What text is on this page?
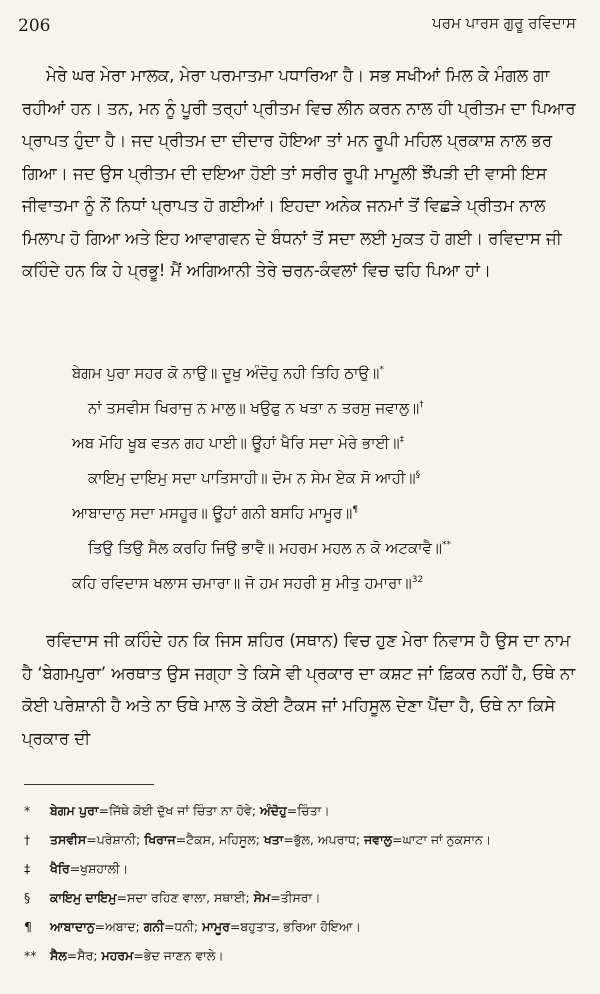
206	ਪਰਮ ਪਾਰਸ ਗੁਰੂ ਰਵਿਦਾਸ

ਮੇਰੇ ਘਰ ਮੇਰਾ ਮਾਲਕ, ਮੇਰਾ ਪਰਮਾਤਮਾ ਪਧਾਰਿਆ ਹੈ। ਸਭ ਸਖੀਆਂ ਮਿਲ ਕੇ ਮੰਗਲ ਗਾ ਰਹੀਆਂ ਹਨ। ਤਨ, ਮਨ ਨੂੰ ਪੂਰੀ ਤਰ੍ਹਾਂ ਪ੍ਰੀਤਮ ਵਿਚ ਲੀਨ ਕਰਨ ਨਾਲ ਹੀ ਪ੍ਰੀਤਮ ਦਾ ਪਿਆਰ ਪ੍ਰਾਪਤ ਹੁੰਦਾ ਹੈ। ਜਦ ਪ੍ਰੀਤਮ ਦਾ ਦੀਦਾਰ ਹੋਇਆ ਤਾਂ ਮਨ ਰੂਪੀ ਮਹਿਲ ਪ੍ਰਕਾਸ਼ ਨਾਲ ਭਰ ਗਿਆ। ਜਦ ਉਸ ਪ੍ਰੀਤਮ ਦੀ ਦਇਆ ਹੋਈ ਤਾਂ ਸਰੀਰ ਰੂਪੀ ਮਾਮੂਲੀ ਝੌਂਪੜੀ ਦੀ ਵਾਸੀ ਇਸ ਜੀਵਾਤਮਾ ਨੂੰ ਨੌਂ ਨਿਧਾਂ ਪ੍ਰਾਪਤ ਹੋ ਗਈਆਂ। ਇਹਦਾ ਅਨੇਕ ਜਨਮਾਂ ਤੋਂ ਵਿਛੜੇ ਪ੍ਰੀਤਮ ਨਾਲ ਮਿਲਾਪ ਹੋ ਗਿਆ ਅਤੇ ਇਹ ਆਵਾਗਵਨ ਦੇ ਬੰਧਨਾਂ ਤੋਂ ਸਦਾ ਲਈ ਮੁਕਤ ਹੋ ਗਈ। ਰਵਿਦਾਸ ਜੀ ਕਹਿੰਦੇ ਹਨ ਕਿ ਹੇ ਪ੍ਰਭੂ! ਮੈਂ ਅਗਿਆਨੀ ਤੇਰੇ ਚਰਨ-ਕੰਵਲਾਂ ਵਿਚ ਢਹਿ ਪਿਆ ਹਾਂ।

ਬੇਗਮ ਪੁਰਾ ਸਹਰ ਕੋ ਨਾਉ॥ ਦੂਖੁ ਅੰਦੋਹੁ ਨਹੀ ਤਿਹਿ ਠਾਉ॥*
ਨਾਂ ਤਸਵੀਸ ਖਿਰਾਜੁ ਨ ਮਾਲੁ॥ ਖਉਫੁ ਨ ਖਤਾ ਨ ਤਰਸੁ ਜਵਾਲੁ॥†
ਅਬ ਮੋਹਿ ਖੂਬ ਵਤਨ ਗਹ ਪਾਈ॥ ਊਹਾਂ ਖੈਰਿ ਸਦਾ ਮੇਰੇ ਭਾਈ॥‡
ਕਾਇਮੁ ਦਾਇਮੁ ਸਦਾ ਪਾਤਿਸਾਹੀ॥ ਦੋਮ ਨ ਸੇਮ ਏਕ ਸੋ ਆਹੀ॥§
ਆਬਾਦਾਨੁ ਸਦਾ ਮਸਹੂਰ॥ ਊਹਾਂ ਗਨੀ ਬਸਹਿ ਮਾਮੂਰ॥¶
ਤਿਉ ਤਿਉ ਸੈਲ ਕਰਹਿ ਜਿਉ ਭਾਵੈ॥ ਮਹਰਮ ਮਹਲ ਨ ਕੋ ਅਟਕਾਵੈ॥**
ਕਹਿ ਰਵਿਦਾਸ ਖਲਾਸ ਚਮਾਰਾ॥ ਜੋ ਹਮ ਸਹਰੀ ਸੁ ਮੀਤੁ ਹਮਾਰਾ॥$^{32}$

ਰਵਿਦਾਸ ਜੀ ਕਹਿੰਦੇ ਹਨ ਕਿ ਜਿਸ ਸ਼ਹਿਰ (ਸਥਾਨ) ਵਿਚ ਹੁਣ ਮੇਰਾ ਨਿਵਾਸ ਹੈ ਉਸ ਦਾ ਨਾਮ ਹੈ ‘ਬੇਗਮਪੁਰਾ’ ਅਰਥਾਤ ਉਸ ਜਗ੍ਹਾ ਤੇ ਕਿਸੇ ਵੀ ਪ੍ਰਕਾਰ ਦਾ ਕਸ਼ਟ ਜਾਂ ਫ਼ਿਕਰ ਨਹੀਂ ਹੈ, ਓਥੇ ਨਾ ਕੋਈ ਪਰੇਸ਼ਾਨੀ ਹੈ ਅਤੇ ਨਾ ਓਥੇ ਮਾਲ ਤੇ ਕੋਈ ਟੈਕਸ ਜਾਂ ਮਹਿਸੂਲ ਦੇਣਾ ਪੈਂਦਾ ਹੈ, ਓਥੇ ਨਾ ਕਿਸੇ ਪ੍ਰਕਾਰ ਦੀ

*	ਬੇਗਮ ਪੁਰਾ=ਜਿੱਥੇ ਕੋਈ ਦੁੱਖ ਜਾਂ ਚਿੰਤਾ ਨਾ ਹੋਵੇ; ਅੰਦੋਹੁ=ਚਿੰਤਾ।
†	ਤਸਵੀਸ=ਪਰੇਸ਼ਾਨੀ; ਖਿਰਾਜ=ਟੈਕਸ, ਮਹਿਸੂਲ; ਖਤਾ=ਭੁੱਲ, ਅਪਰਾਧ; ਜਵਾਲੁ=ਘਾਟਾ ਜਾਂ ਨੁਕਸਾਨ।
‡	ਖੈਰਿ=ਖੁਸ਼ਹਾਲੀ।
§	ਕਾਇਮੁ ਦਾਇਮੁ=ਸਦਾ ਰਹਿਣ ਵਾਲਾ, ਸਥਾਈ; ਸੇਮ=ਤੀਸਰਾ।
¶	ਆਬਾਦਾਨੁ=ਅਬਾਦ; ਗਨੀ=ਧਨੀ; ਮਾਮੂਰ=ਬਹੁਤਾਤ, ਭਰਿਆ ਹੋਇਆ।
**	ਸੈਲ=ਸੈਰ; ਮਹਰਮ=ਭੇਦ ਜਾਣਨ ਵਾਲੇ।
